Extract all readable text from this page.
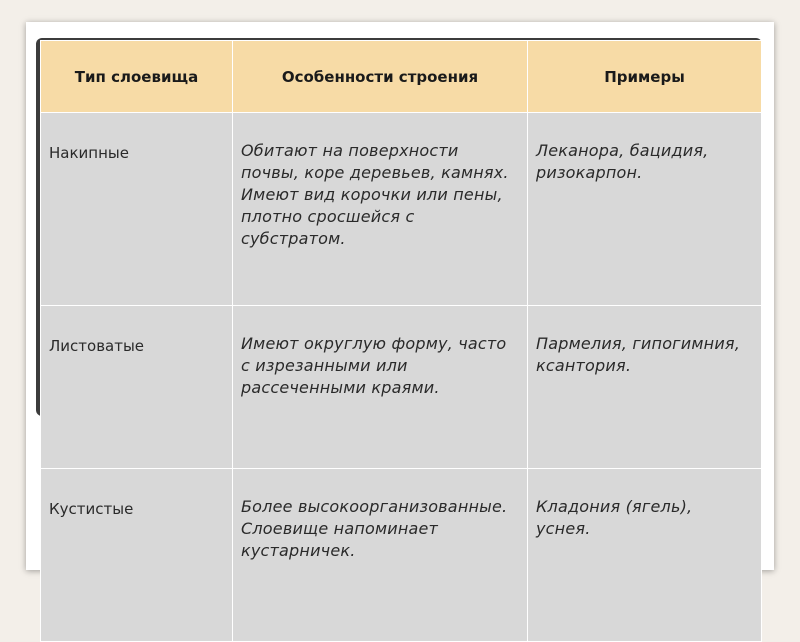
Тип слоевища	Особенности строения	Примеры
Накипные	Обитают на поверхности почвы, коре деревьев, камнях. Имеют вид корочки или пены, плотно сросшейся с субстратом.	Леканора, бацидия, ризокарпон.
Листоватые	Имеют округлую форму, часто с изрезанными или рассеченными краями.	Пармелия, гипогимния, ксантория.
Кустистые	Более высокоорганизованные. Слоевище напоминает кустарничек.	Кладония (ягель), уснея.
